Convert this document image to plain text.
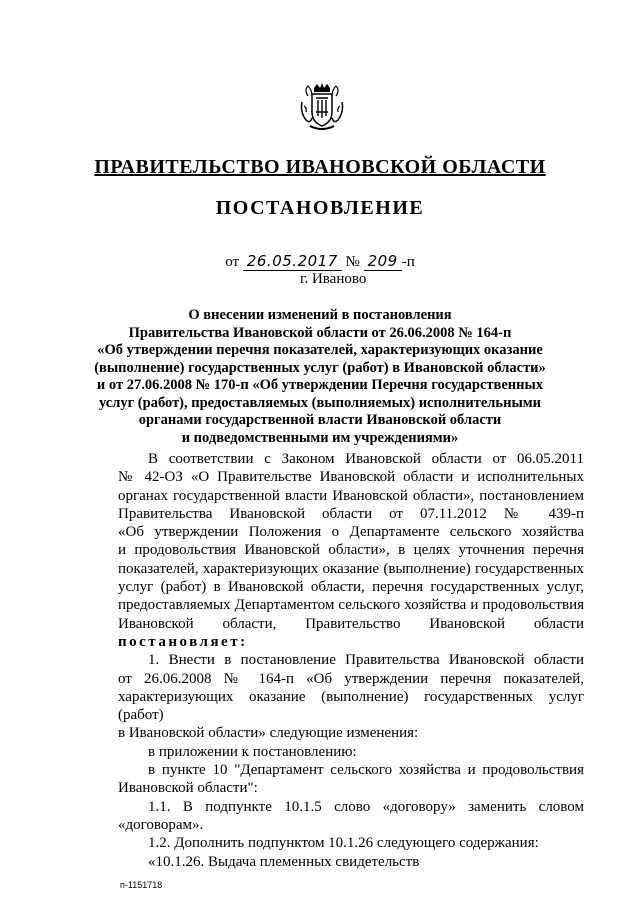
ПРАВИТЕЛЬСТВО ИВАНОВСКОЙ ОБЛАСТИ
ПОСТАНОВЛЕНИЕ
от 26.05.2017 № 209 -п
г. Иваново
О внесении изменений в постановления
Правительства Ивановской области от 26.06.2008 № 164-п
«Об утверждении перечня показателей, характеризующих оказание
(выполнение) государственных услуг (работ) в Ивановской области»
и от 27.06.2008 № 170-п «Об утверждении Перечня государственных
услуг (работ), предоставляемых (выполняемых) исполнительными
органами государственной власти Ивановской области
и подведомственными им учреждениями»
В соответствии с Законом Ивановской области от 06.05.2011
№ 42-ОЗ «О Правительстве Ивановской области и исполнительных
органах государственной власти Ивановской области», постановлением
Правительства Ивановской области от 07.11.2012 № 439-п
«Об утверждении Положения о Департаменте сельского хозяйства
и продовольствия Ивановской области», в целях уточнения перечня
показателей, характеризующих оказание (выполнение) государственных
услуг (работ) в Ивановской области, перечня государственных услуг,
предоставляемых Департаментом сельского хозяйства и продовольствия
Ивановской области, Правительство Ивановской области
постановляет:
1. Внести в постановление Правительства Ивановской области
от 26.06.2008 № 164-п «Об утверждении перечня показателей,
характеризующих оказание (выполнение) государственных услуг (работ)
в Ивановской области» следующие изменения:
в приложении к постановлению:
в пункте 10 "Департамент сельского хозяйства и продовольствия
Ивановской области":
1.1. В подпункте 10.1.5 слово «договору» заменить словом
«договорам».
1.2. Дополнить подпунктом 10.1.26 следующего содержания:
«10.1.26. Выдача племенных свидетельств
п-1151718
